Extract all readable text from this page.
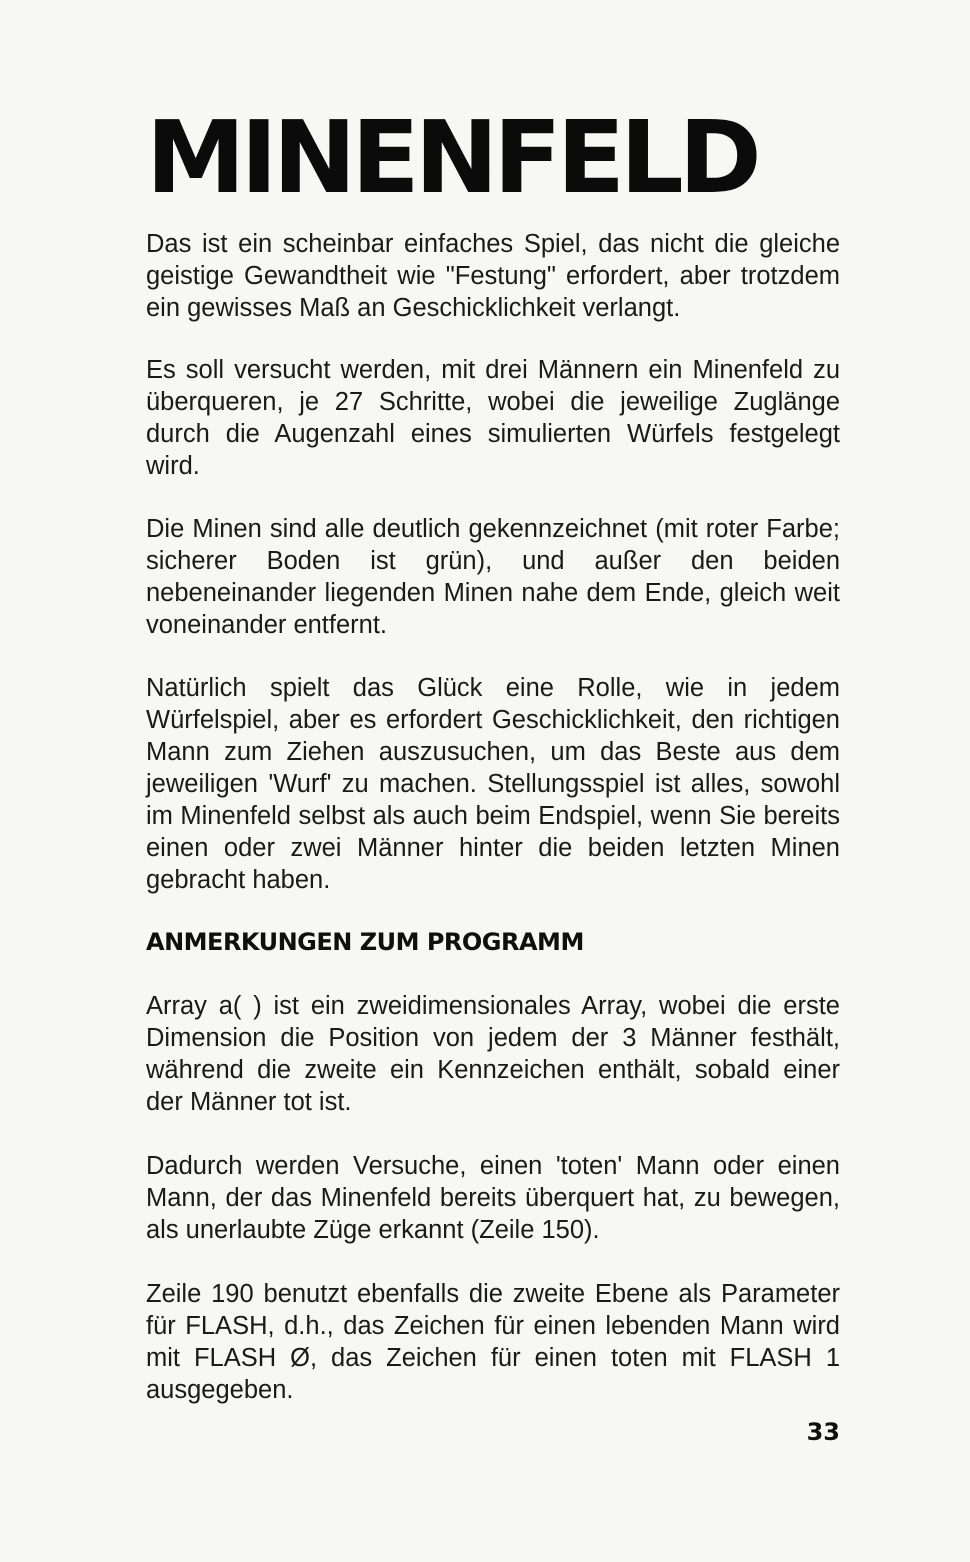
MINENFELD

Das ist ein scheinbar einfaches Spiel, das nicht die gleiche geistige Gewandtheit wie "Festung" erfordert, aber trotzdem ein gewisses Maß an Geschicklichkeit verlangt.

Es soll versucht werden, mit drei Männern ein Minenfeld zu überqueren, je 27 Schritte, wobei die jeweilige Zuglänge durch die Augenzahl eines simulierten Würfels festgelegt wird.

Die Minen sind alle deutlich gekennzeichnet (mit roter Farbe; sicherer Boden ist grün), und außer den beiden nebeneinander liegenden Minen nahe dem Ende, gleich weit voneinander entfernt.

Natürlich spielt das Glück eine Rolle, wie in jedem Würfelspiel, aber es erfordert Geschicklichkeit, den richtigen Mann zum Ziehen auszusuchen, um das Beste aus dem jeweiligen 'Wurf' zu machen. Stellungsspiel ist alles, sowohl im Minenfeld selbst als auch beim Endspiel, wenn Sie bereits einen oder zwei Männer hinter die beiden letzten Minen gebracht haben.

ANMERKUNGEN ZUM PROGRAMM

Array a( ) ist ein zweidimensionales Array, wobei die erste Dimension die Position von jedem der 3 Männer festhält, während die zweite ein Kennzeichen enthält, sobald einer der Männer tot ist.

Dadurch werden Versuche, einen 'toten' Mann oder einen Mann, der das Minenfeld bereits überquert hat, zu bewegen, als unerlaubte Züge erkannt (Zeile 150).

Zeile 190 benutzt ebenfalls die zweite Ebene als Parameter für FLASH, d.h., das Zeichen für einen lebenden Mann wird mit FLASH Ø, das Zeichen für einen toten mit FLASH 1 ausgegeben.

33
